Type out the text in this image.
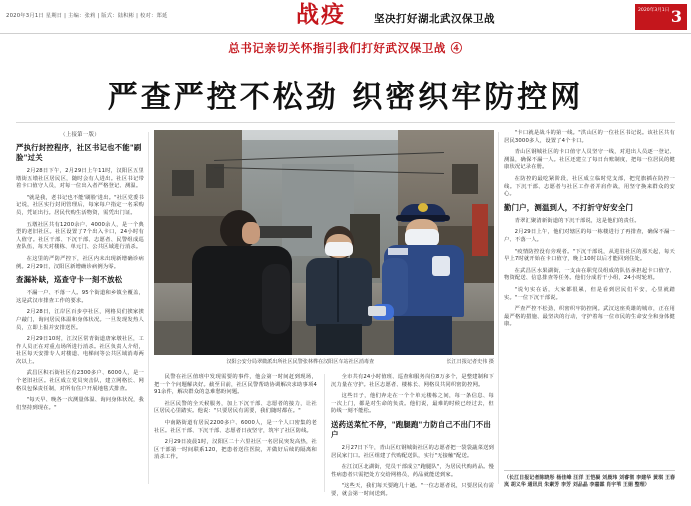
2020年3月1日 星期日 | 主编：张莉 | 版式：陆积彬 | 校对：郑延	战疫	坚决打好湖北武汉保卫战
2020年3月1日 3
总书记亲切关怀指引我们打好武汉保卫战 ④
严查严控不松劲 织密织牢防控网
（上接第一版）
严执行封控程序，社区书记也不能"刷脸"过关

2月28日下午，2月29日上午11时，汉阳区五里墩街五墩社区居民区，随时会有人进出。社区书记带着卡口值守人员，对每一位出入者严格登记、测温。

"就是我，老书记也不能'刷脸'进出。"社区党委书记说，社区实行封闭管理后，每家每户指定一名采购员，凭证出行。居民代购生活物资，需凭出门证。

五墩社区共有1200余户、4000余人，是一个典型的老旧社区。社区设置了7个出入卡口，24小时有人值守。社区干部、下沉干部、志愿者、民警组成巡查队伍，每天对楼栋、单元门、公共区域进行消杀。

在这里的严防严控下，社区内未出现新增确诊病例。2月29日，汉阳区新增确诊病例为零。

查漏补缺，巡查守卡一刻不放松

不漏一户、不落一人。95个街道和乡镇全覆盖，这是武汉市排查工作的要求。

2月28日，江岸区百步亭社区，网格员们挨家挨户敲门，询问居民体温和身体状况。一旦发现发热人员，立即上报并安排送医。

2月29日10时，江汉区常青街道唐家墩社区，工作人员正在对重点场所进行消杀。社区负责人介绍，社区每天安排专人对楼道、电梯间等公共区域消毒两次以上。

武昌区积石街社区有2300多户、6000人，是一个老旧社区。社区成立党员突击队，建立网格长、网格员包保责任制，对所有住户开展地毯式排查。

"每天早、晚各一次测量体温、询问身体状况，我们坚持到现在。"

汉阳公安分局翠微派出所社区民警张林桦在汉阳区车站社区消毒查	长江日报记者史伟 摄

民警在社区值班中发现需要的事件，他会第一时间赶到现场，把一个个问题解决好。截至目前，社区民警帮助协调解决求助事项491余件，解决群众的急难愁盼问题。

社区民警的全天候服务，加上下沉干部、志愿者的接力，让社区居民心里踏实。他说："只要居民有需要，我们随时都在。"

中南路街道有居民2200多户、6000人，是一个人口密集的老社区。社区干部、下沉干部、志愿者日夜坚守，筑牢了社区防线。

2月29日凌晨1时，汉阳区二十六里社区一名居民突发高热，社区干部第一时间联系120，把患者送往医院，并做好后续的隔离和消杀工作。

全市共有24小时值班、巡查和服务岗位8万多个，是整建制和下沉力量在守护。社区志愿者、楼栋长、网格员共同织密防控网。

这些日子，他们奔走在一个个单元楼栋之间，每一条信息、每一次上门，都是对生命的负责。他们说，最难的时候已经过去，但防线一刻不能松。

送药送菜忙不停，"跑腿跑"力防自己不出门不出户

2月27日下午，青山区红钢城街社区的志愿者把一袋袋蔬菜送到居民家门口。社区组建了代购配送队，实行"无接触"配送。

在江汉区北湖街，党员干部成立"跑腿队"，为居民代购药品。慢性病患者只需把处方交给网格员，药品就能送到家。

"这些天，我们每天要跑几十趟。"一位志愿者说，只要居民有需要，就会第一时间送到。

"卡口就是战斗的第一线。"洪山区的一位社区书记说。该社区共有居民3000多人，设置了4个卡口。

青山区钢城社区的卡口值守人员坚守一线，对进出人员逐一登记、测温，确保不漏一人。社区还建立了每日台账制度，把每一位居民的健康状况记录在册。

在防控的最吃紧阶段，社区成立临时党支部，把党旗插在防控一线。下沉干部、志愿者与社区工作者并肩作战，用坚守换来群众的安心。

勤门户，测温到人，不打折守好安全门

青翠汇聚清新街道的下沉干部说，这是他们的责任。

2月29日上午，他们对辖区的每一栋楼进行了再排查，确保不漏一户、不落一人。

"疫情防控没有旁观者。"下沉干部说，从进驻社区的那天起，每天早上7时就开始在卡口值守，晚上10时以后才能回到住处。

在武昌区水果湖街，一支由在职党员组成的队伍承担起卡口值守、物资配送、信息排查等任务。他们分成若干小组，24小时轮班。

"说句实在话，大家都很累，但是看到居民们平安，心里就踏实。"一位下沉干部说。

严查严控不松劲，织密织牢防控网。武汉这座英雄的城市，正在用最严格的措施、最坚决的行动，守护着每一位市民的生命安全和身体健康。

（长江日报记者陈晓彤 杨佳峰 汪洋 王恺凝 刘晨玮 刘睿彻 李建华 黄琪 王春岚 胡义华 通讯员 朱素芳 李芳 刘品晶 李嘉霖 肖宇苇 王娟 整理）
